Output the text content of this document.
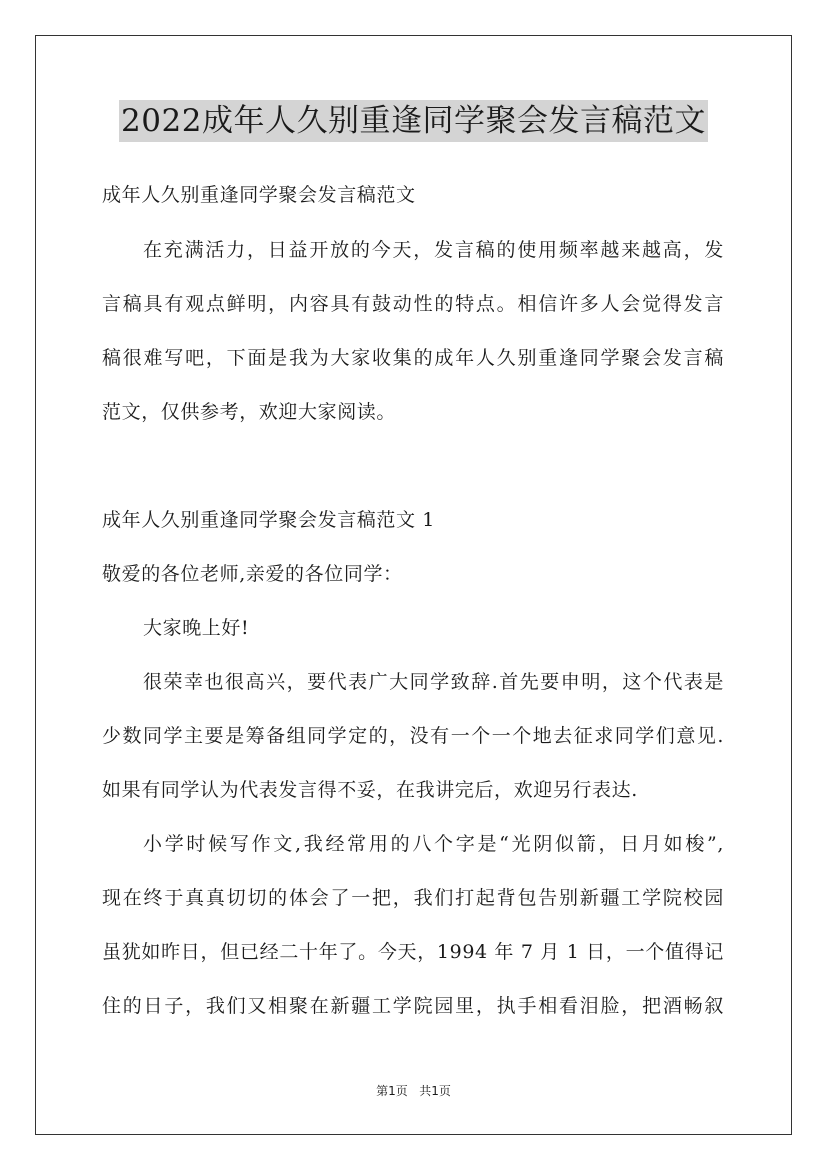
2022成年人久别重逢同学聚会发言稿范文
成年人久别重逢同学聚会发言稿范文
在充满活力，日益开放的今天，发言稿的使用频率越来越高，发
言稿具有观点鲜明，内容具有鼓动性的特点。相信许多人会觉得发言
稿很难写吧，下面是我为大家收集的成年人久别重逢同学聚会发言稿
范文，仅供参考，欢迎大家阅读。
成年人久别重逢同学聚会发言稿范文 1
敬爱的各位老师,亲爱的各位同学：
大家晚上好!
很荣幸也很高兴，要代表广大同学致辞.首先要申明，这个代表是
少数同学主要是筹备组同学定的，没有一个一个地去征求同学们意见.
如果有同学认为代表发言得不妥，在我讲完后，欢迎另行表达.
小学时候写作文,我经常用的八个字是“光阴似箭，日月如梭”,
现在终于真真切切的体会了一把，我们打起背包告别新疆工学院校园
虽犹如昨日，但已经二十年了。今天，1994 年 7 月 1 日，一个值得记
住的日子，我们又相聚在新疆工学院园里，执手相看泪脸，把酒畅叙
第1页 共1页
